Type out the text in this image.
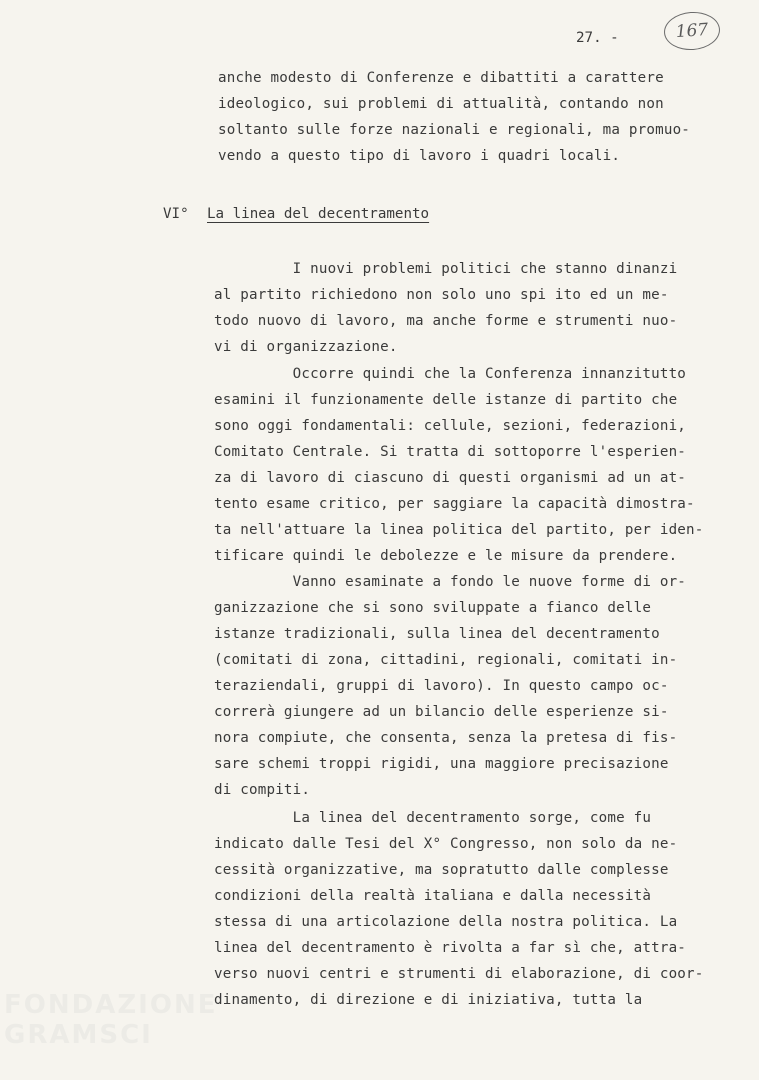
27. -	167
anche modesto di Conferenze e dibattiti a carattere
ideologico, sui problemi di attualità, contando non
soltanto sulle forze nazionali e regionali, ma promuo-
vendo a questo tipo di lavoro i quadri locali.
VI° La linea del decentramento
I nuovi problemi politici che stanno dinanzi
al partito richiedono non solo uno spi ito ed un me-
todo nuovo di lavoro, ma anche forme e strumenti nuo-
vi di organizzazione.
Occorre quindi che la Conferenza innanzitutto
esamini il funzionamente delle istanze di partito che
sono oggi fondamentali: cellule, sezioni, federazioni,
Comitato Centrale. Si tratta di sottoporre l'esperien-
za di lavoro di ciascuno di questi organismi ad un at-
tento esame critico, per saggiare la capacità dimostra-
ta nell'attuare la linea politica del partito, per iden-
tificare quindi le debolezze e le misure da prendere.
Vanno esaminate a fondo le nuove forme di or-
ganizzazione che si sono sviluppate a fianco delle
istanze tradizionali, sulla linea del decentramento
(comitati di zona, cittadini, regionali, comitati in-
teraziendali, gruppi di lavoro). In questo campo oc-
correrà giungere ad un bilancio delle esperienze si-
nora compiute, che consenta, senza la pretesa di fis-
sare schemi troppi rigidi, una maggiore precisazione
di compiti.
La linea del decentramento sorge, come fu
indicato dalle Tesi del X° Congresso, non solo da ne-
cessità organizzative, ma sopratutto dalle complesse
condizioni della realtà italiana e dalla necessità
stessa di una articolazione della nostra politica. La
linea del decentramento è rivolta a far sì che, attra-
verso nuovi centri e strumenti di elaborazione, di coor-
dinamento, di direzione e di iniziativa, tutta la
FONDAZIONE
GRAMSCI
